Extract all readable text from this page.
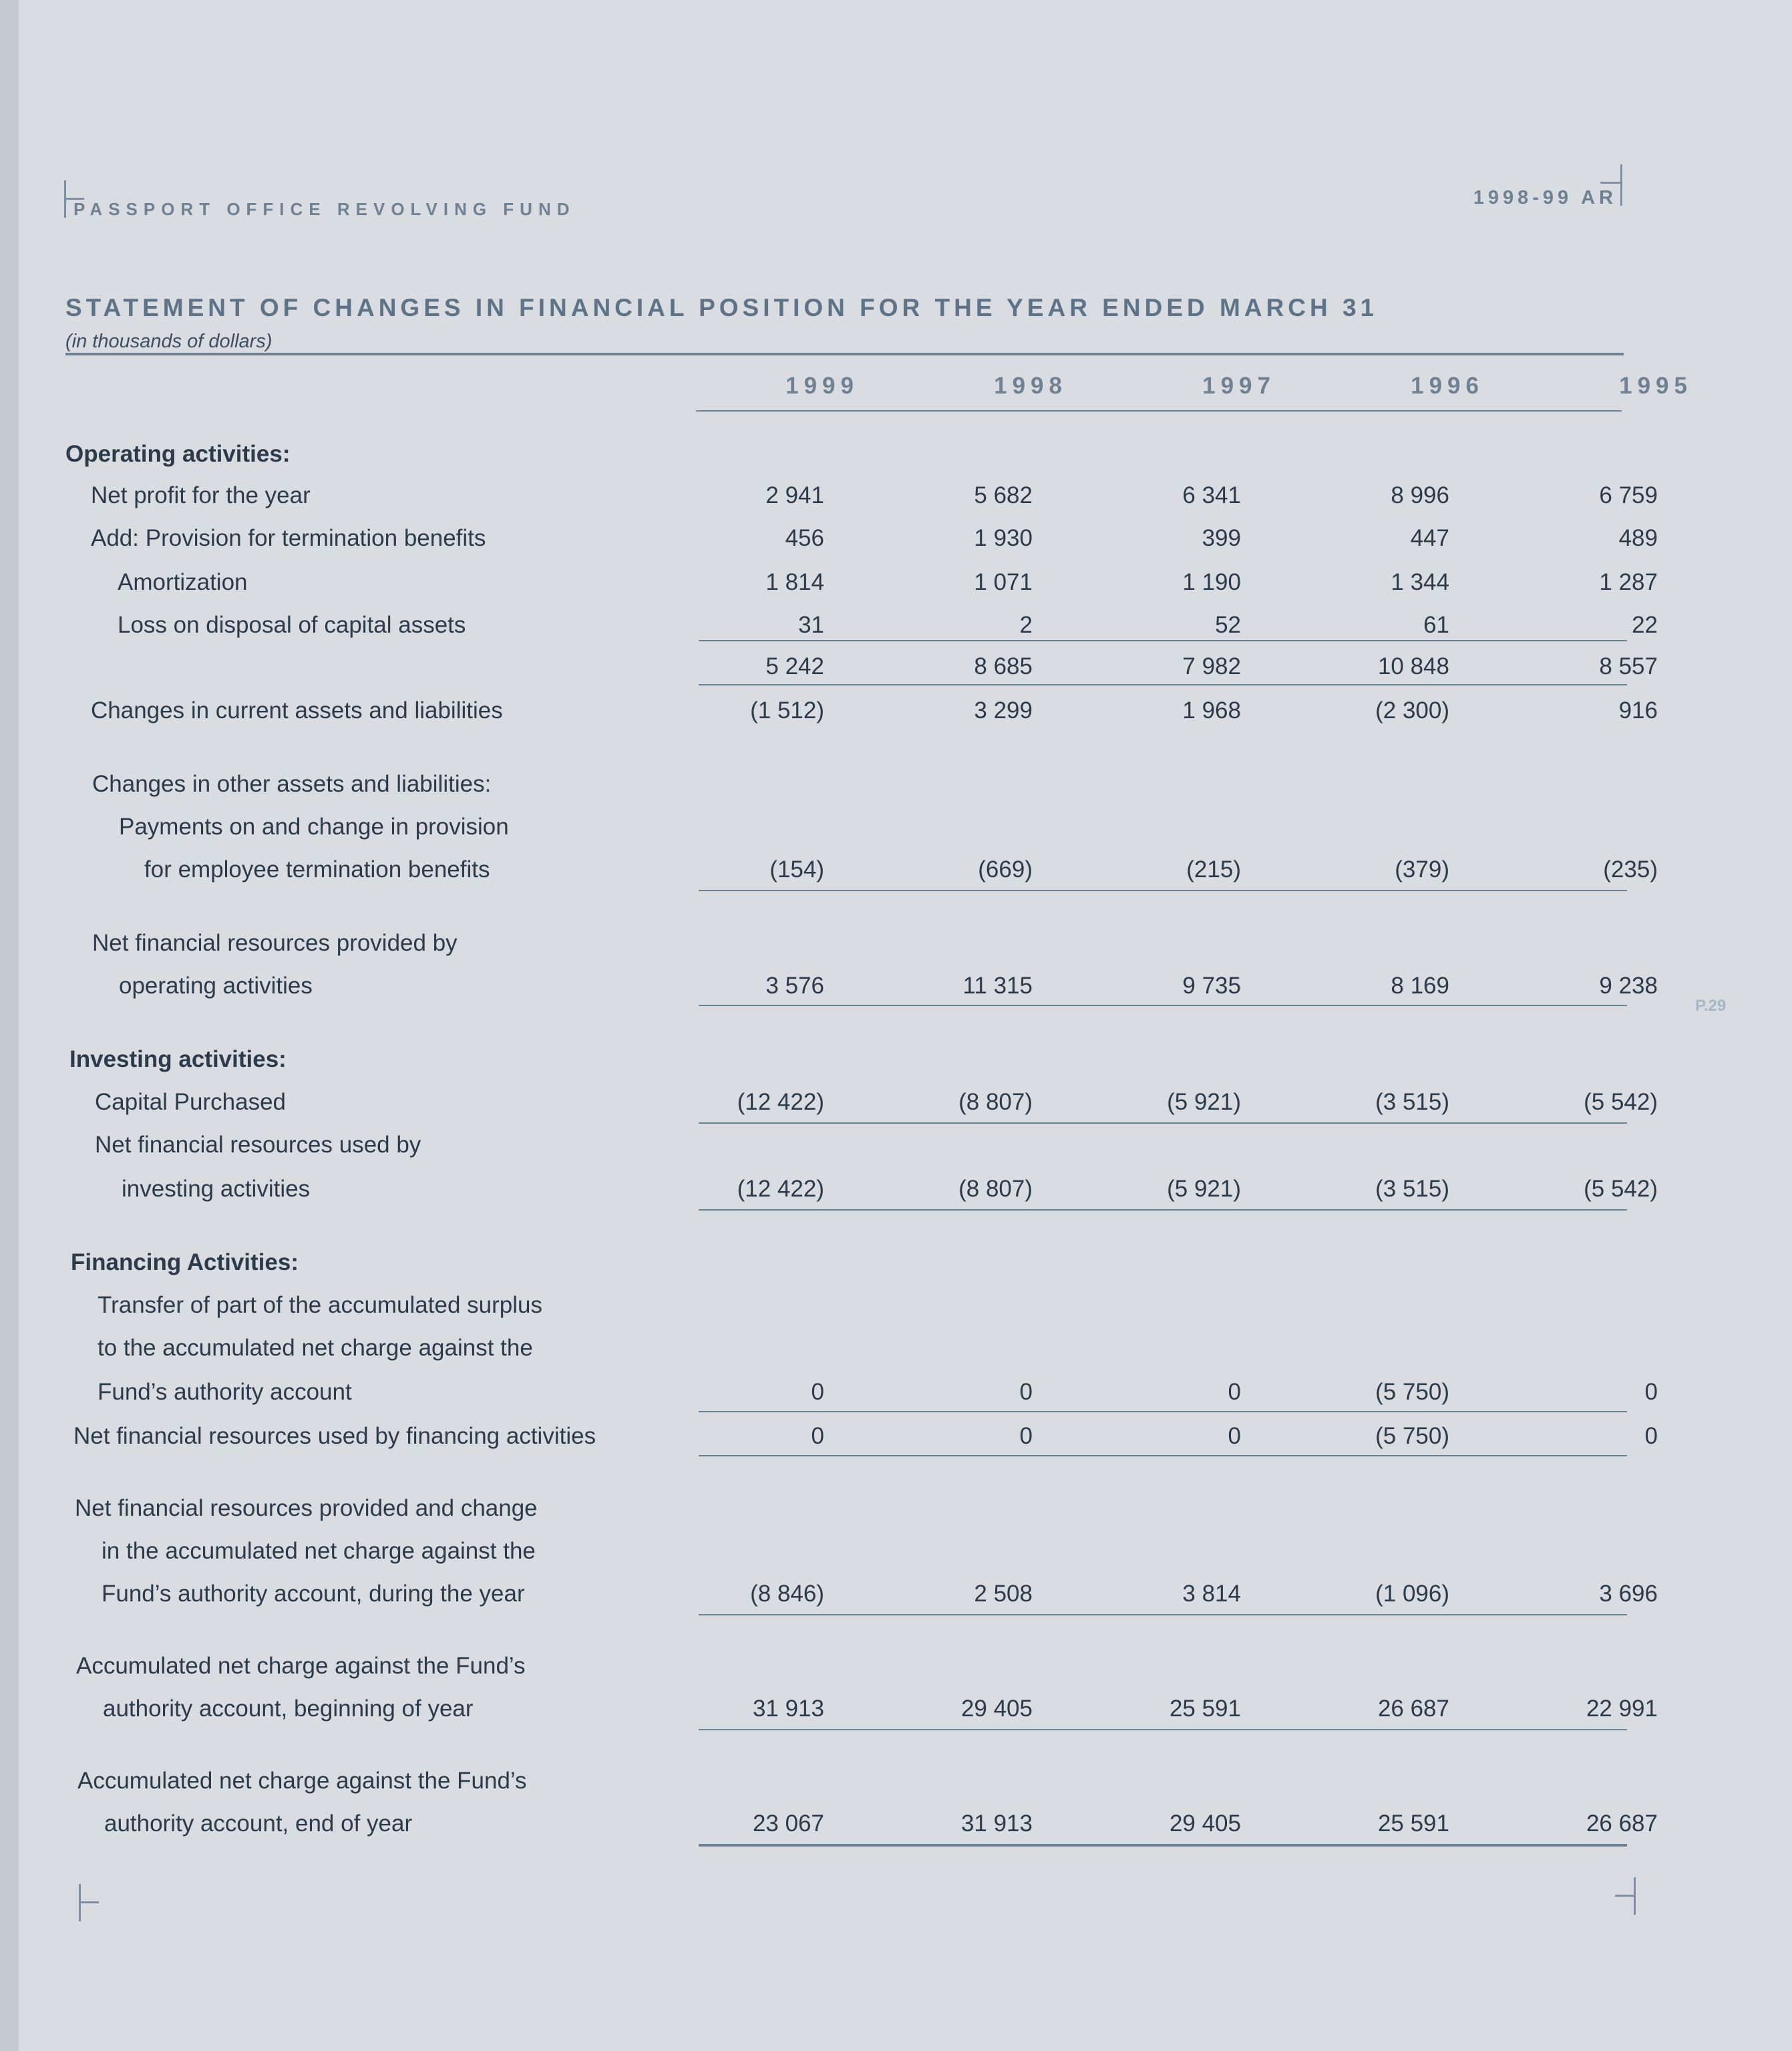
PASSPORT OFFICE REVOLVING FUND
1998-99 AR
STATEMENT OF CHANGES IN FINANCIAL POSITION FOR THE YEAR ENDED MARCH 31
(in thousands of dollars)
1999	1998	1997	1996	1995
P.29
Operating activities:
Net profit for the year	2 941	5 682	6 341	8 996	6 759
Add: Provision for termination benefits	456	1 930	399	447	489
Amortization	1 814	1 071	1 190	1 344	1 287
Loss on disposal of capital assets	31	2	52	61	22
5 242	8 685	7 982	10 848	8 557
Changes in current assets and liabilities	(1 512)	3 299	1 968	(2 300)	916
Changes in other assets and liabilities:
Payments on and change in provision
for employee termination benefits	(154)	(669)	(215)	(379)	(235)
Net financial resources provided by
operating activities	3 576	11 315	9 735	8 169	9 238
Investing activities:
Capital Purchased	(12 422)	(8 807)	(5 921)	(3 515)	(5 542)
Net financial resources used by
investing activities	(12 422)	(8 807)	(5 921)	(3 515)	(5 542)
Financing Activities:
Transfer of part of the accumulated surplus
to the accumulated net charge against the
Fund’s authority account	0	0	0	(5 750)	0
Net financial resources used by financing activities	0	0	0	(5 750)	0
Net financial resources provided and change
in the accumulated net charge against the
Fund’s authority account, during the year	(8 846)	2 508	3 814	(1 096)	3 696
Accumulated net charge against the Fund’s
authority account, beginning of year	31 913	29 405	25 591	26 687	22 991
Accumulated net charge against the Fund’s
authority account, end of year	23 067	31 913	29 405	25 591	26 687
